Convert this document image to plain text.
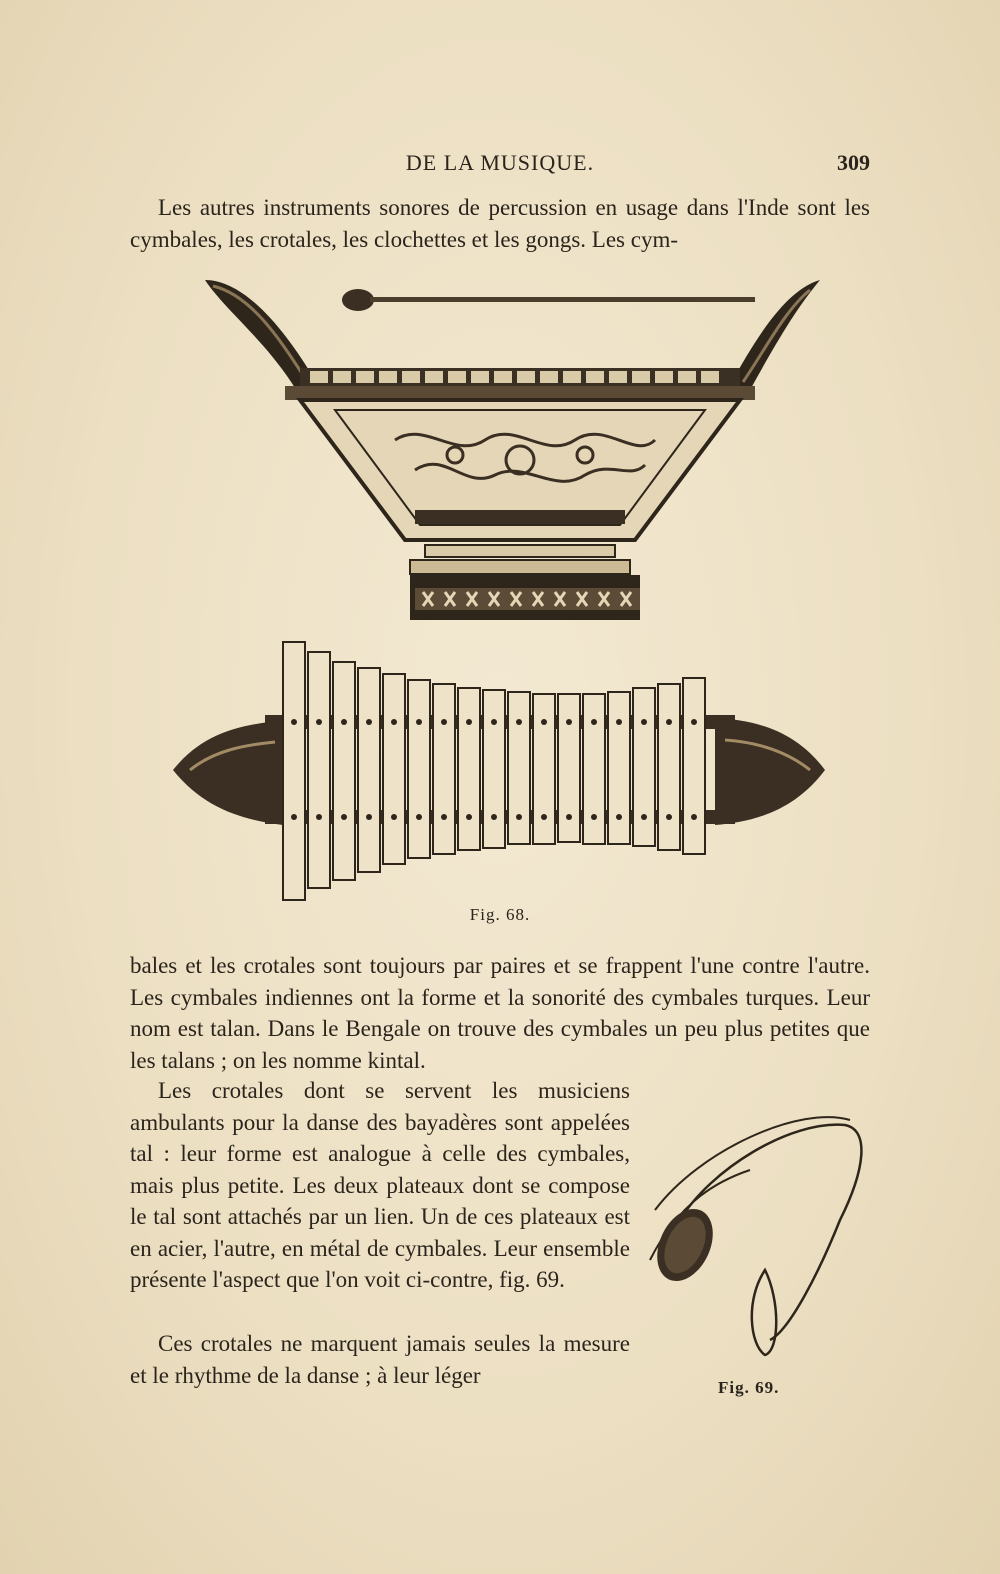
DE LA MUSIQUE.	309
Les autres instruments sonores de percussion en usage dans l'Inde sont les cymbales, les crotales, les clochettes et les gongs. Les cym-
Fig. 68.
bales et les crotales sont toujours par paires et se frappent l'une contre l'autre. Les cymbales indiennes ont la forme et la sonorité des cymbales turques. Leur nom est talan. Dans le Bengale on trouve des cymbales un peu plus petites que les talans ; on les nomme kintal.
Les crotales dont se servent les musiciens ambulants pour la danse des bayadères sont appelées tal : leur forme est analogue à celle des cymbales, mais plus petite. Les deux plateaux dont se compose le tal sont attachés par un lien. Un de ces plateaux est en acier, l'autre, en métal de cymbales. Leur ensemble présente l'aspect que l'on voit ci-contre, fig. 69.
Fig. 69.
Ces crotales ne marquent jamais seules la mesure et le rhythme de la danse ; à leur léger
